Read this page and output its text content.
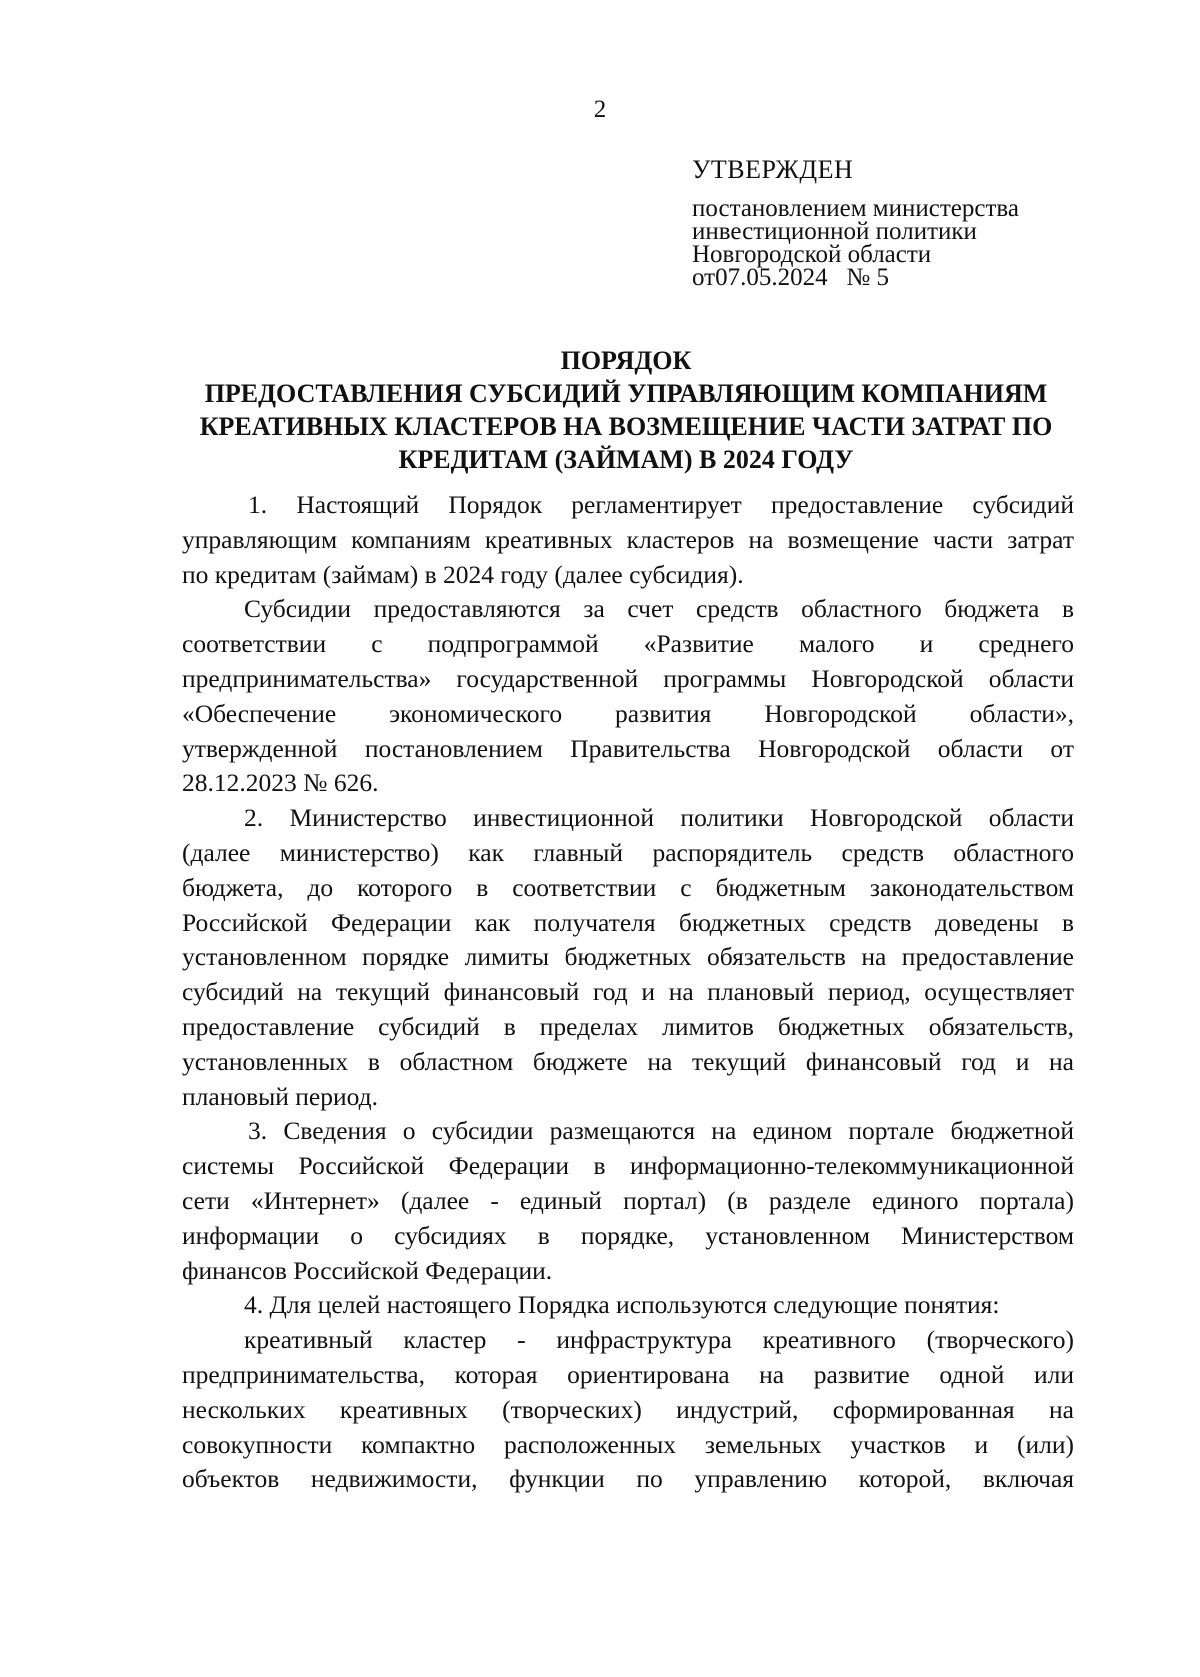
2
УТВЕРЖДЕН
постановлением министерства
инвестиционной политики
Новгородской области
от07.05.2024   № 5
ПОРЯДОК
ПРЕДОСТАВЛЕНИЯ СУБСИДИЙ УПРАВЛЯЮЩИМ КОМПАНИЯМ
КРЕАТИВНЫХ КЛАСТЕРОВ НА ВОЗМЕЩЕНИЕ ЧАСТИ ЗАТРАТ ПО
КРЕДИТАМ (ЗАЙМАМ) В 2024 ГОДУ
1. Настоящий Порядок регламентирует предоставление субсидий
управляющим компаниям креативных кластеров на возмещение части затрат
по кредитам (займам) в 2024 году (далее субсидия).
Субсидии предоставляются за счет средств областного бюджета в
соответствии с подпрограммой «Развитие малого и среднего
предпринимательства» государственной программы Новгородской области
«Обеспечение экономического развития Новгородской области»,
утвержденной постановлением Правительства Новгородской области от
28.12.2023 № 626.
2. Министерство инвестиционной политики Новгородской области
(далее министерство) как главный распорядитель средств областного
бюджета, до которого в соответствии с бюджетным законодательством
Российской Федерации как получателя бюджетных средств доведены в
установленном порядке лимиты бюджетных обязательств на предоставление
субсидий на текущий финансовый год и на плановый период, осуществляет
предоставление субсидий в пределах лимитов бюджетных обязательств,
установленных в областном бюджете на текущий финансовый год и на
плановый период.
3. Сведения о субсидии размещаются на едином портале бюджетной
системы Российской Федерации в информационно-телекоммуникационной
сети «Интернет» (далее - единый портал) (в разделе единого портала)
информации о субсидиях в порядке, установленном Министерством
финансов Российской Федерации.
4. Для целей настоящего Порядка используются следующие понятия:
креативный кластер - инфраструктура креативного (творческого)
предпринимательства, которая ориентирована на развитие одной или
нескольких креативных (творческих) индустрий, сформированная на
совокупности компактно расположенных земельных участков и (или)
объектов недвижимости, функции по управлению которой, включая
